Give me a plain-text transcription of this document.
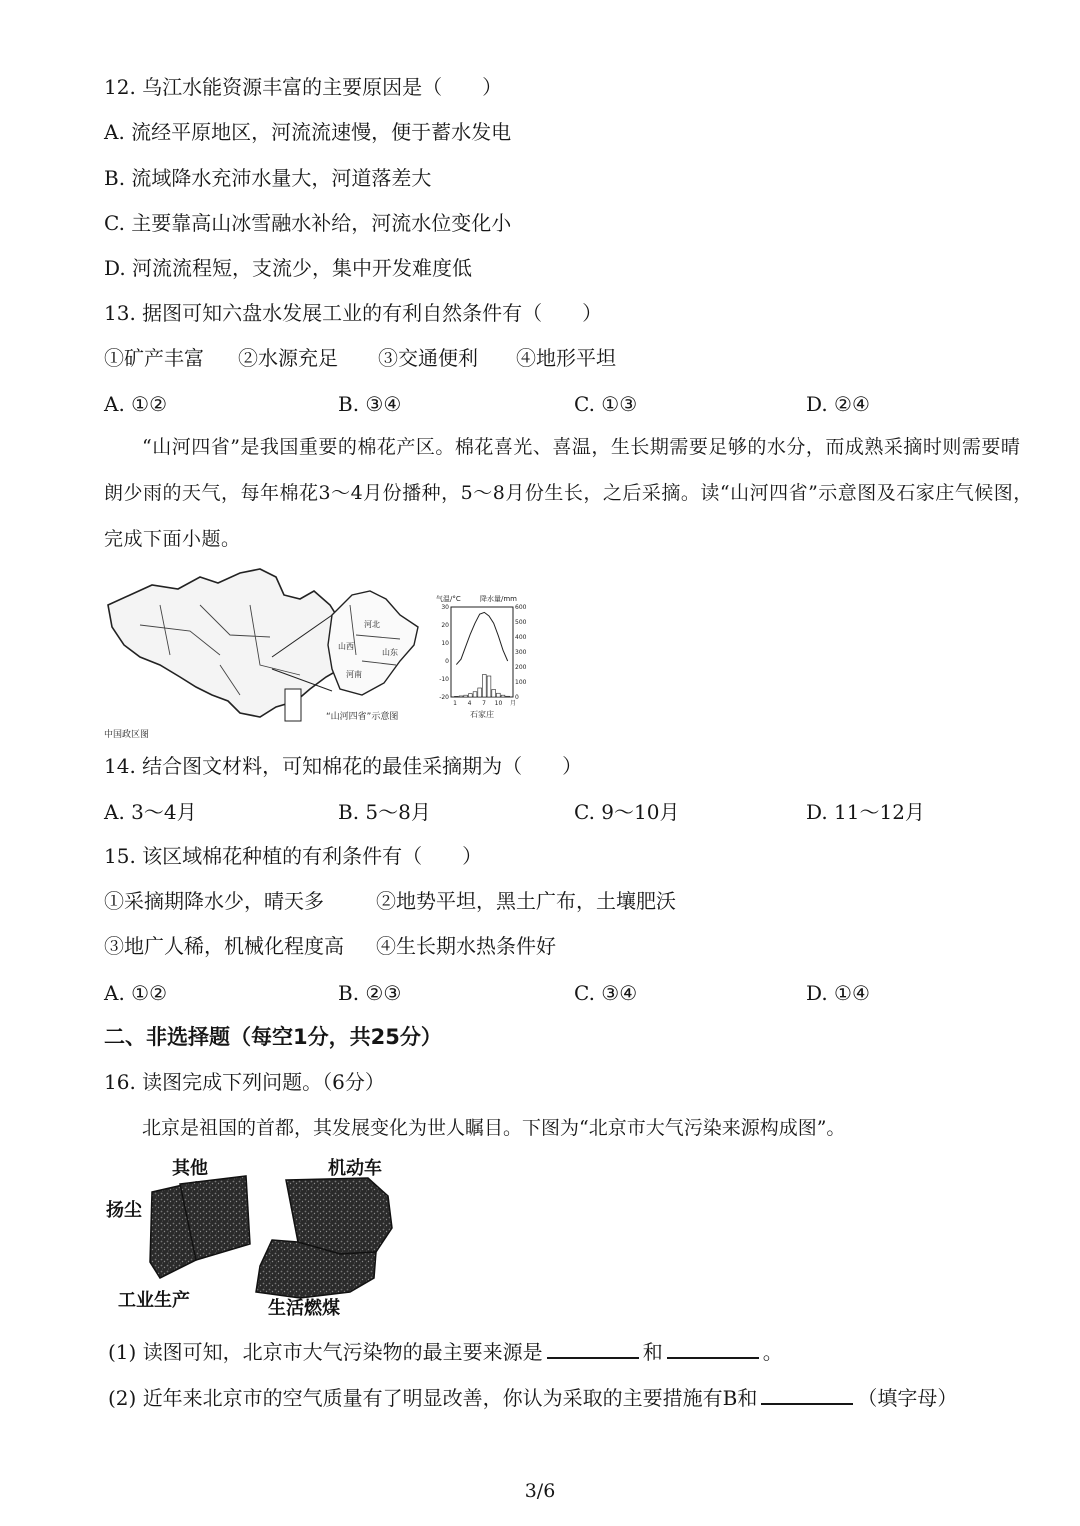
12. 乌江水能资源丰富的主要原因是（　　）
A. 流经平原地区，河流流速慢，便于蓄水发电
B. 流域降水充沛水量大，河道落差大
C. 主要靠高山冰雪融水补给，河流水位变化小
D. 河流流程短，支流少，集中开发难度低
13. 据图可知六盘水发展工业的有利自然条件有（　　）
①矿产丰富 ②水源充足 ③交通便利 ④地形平坦
A. ①②	B. ③④	C. ①③	D. ②④
“山河四省”是我国重要的棉花产区。棉花喜光、喜温，生长期需要足够的水分，而成熟采摘时则需要晴朗少雨的天气，每年棉花3～4月份播种，5～8月份生长，之后采摘。读“山河四省”示意图及石家庄气候图，完成下面小题。
中国政区图
山西
河北
山东
河南
“山河四省”示意图
气温/°C	降水量/mm
石家庄
30
20
10
0
-10
-20
600
500
400
300
200
100
0
1 4 7 10 月
14. 结合图文材料，可知棉花的最佳采摘期为（　　）
A. 3～4月	B. 5～8月	C. 9～10月	D. 11～12月
15. 该区域棉花种植的有利条件有（　　）
①采摘期降水少，晴天多	②地势平坦，黑土广布，土壤肥沃
③地广人稀，机械化程度高 ④生长期水热条件好
A. ①②	B. ②③	C. ③④	D. ①④
二、非选择题（每空1分，共25分）
16. 读图完成下列问题。（6分）
北京是祖国的首都，其发展变化为世人瞩目。下图为“北京市大气污染来源构成图”。
其他	机动车
扬尘
工业生产	生活燃煤
(1) 读图可知，北京市大气污染物的最主要来源是	和	。
(2) 近年来北京市的空气质量有了明显改善，你认为采取的主要措施有B和	（填字母）
3/6
